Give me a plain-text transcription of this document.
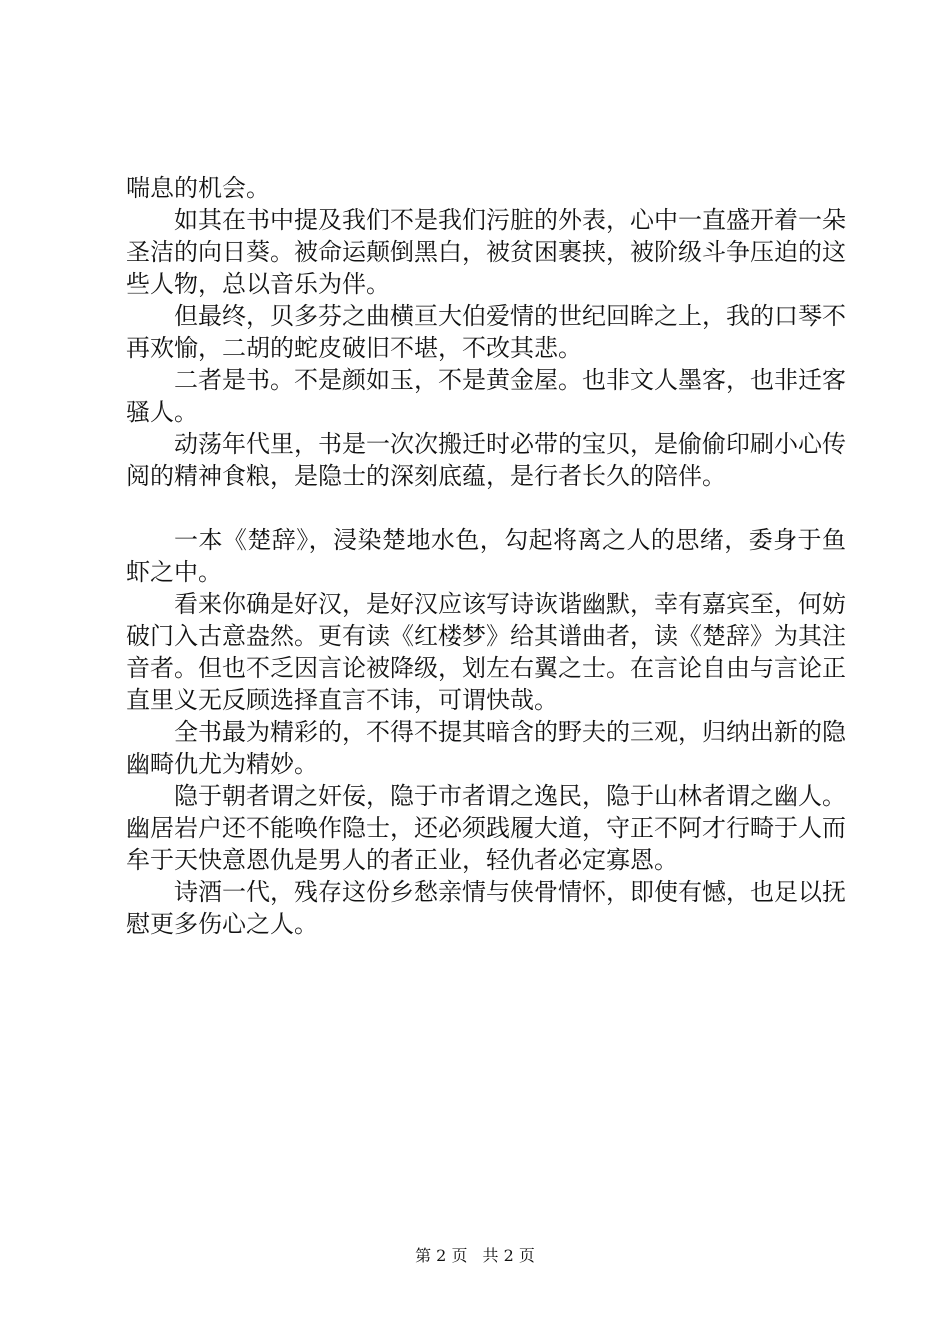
喘息的机会。

如其在书中提及我们不是我们污脏的外表，心中一直盛开着一朵圣洁的向日葵。被命运颠倒黑白，被贫困裹挟，被阶级斗争压迫的这些人物，总以音乐为伴。

但最终，贝多芬之曲横亘大伯爱情的世纪回眸之上，我的口琴不再欢愉，二胡的蛇皮破旧不堪，不改其悲。

二者是书。不是颜如玉，不是黄金屋。也非文人墨客，也非迁客骚人。

动荡年代里，书是一次次搬迁时必带的宝贝，是偷偷印刷小心传阅的精神食粮，是隐士的深刻底蕴，是行者长久的陪伴。

一本《楚辞》，浸染楚地水色，勾起将离之人的思绪，委身于鱼虾之中。

看来你确是好汉，是好汉应该写诗诙谐幽默，幸有嘉宾至，何妨破门入古意盎然。更有读《红楼梦》给其谱曲者，读《楚辞》为其注音者。但也不乏因言论被降级，划左右翼之士。在言论自由与言论正直里义无反顾选择直言不讳，可谓快哉。

全书最为精彩的，不得不提其暗含的野夫的三观，归纳出新的隐幽畸仇尤为精妙。

隐于朝者谓之奸佞，隐于市者谓之逸民，隐于山林者谓之幽人。幽居岩户还不能唤作隐士，还必须践履大道，守正不阿才行畸于人而牟于天快意恩仇是男人的者正业，轻仇者必定寡恩。

诗酒一代，残存这份乡愁亲情与侠骨情怀，即使有憾，也足以抚慰更多伤心之人。

第 2 页 共 2 页
